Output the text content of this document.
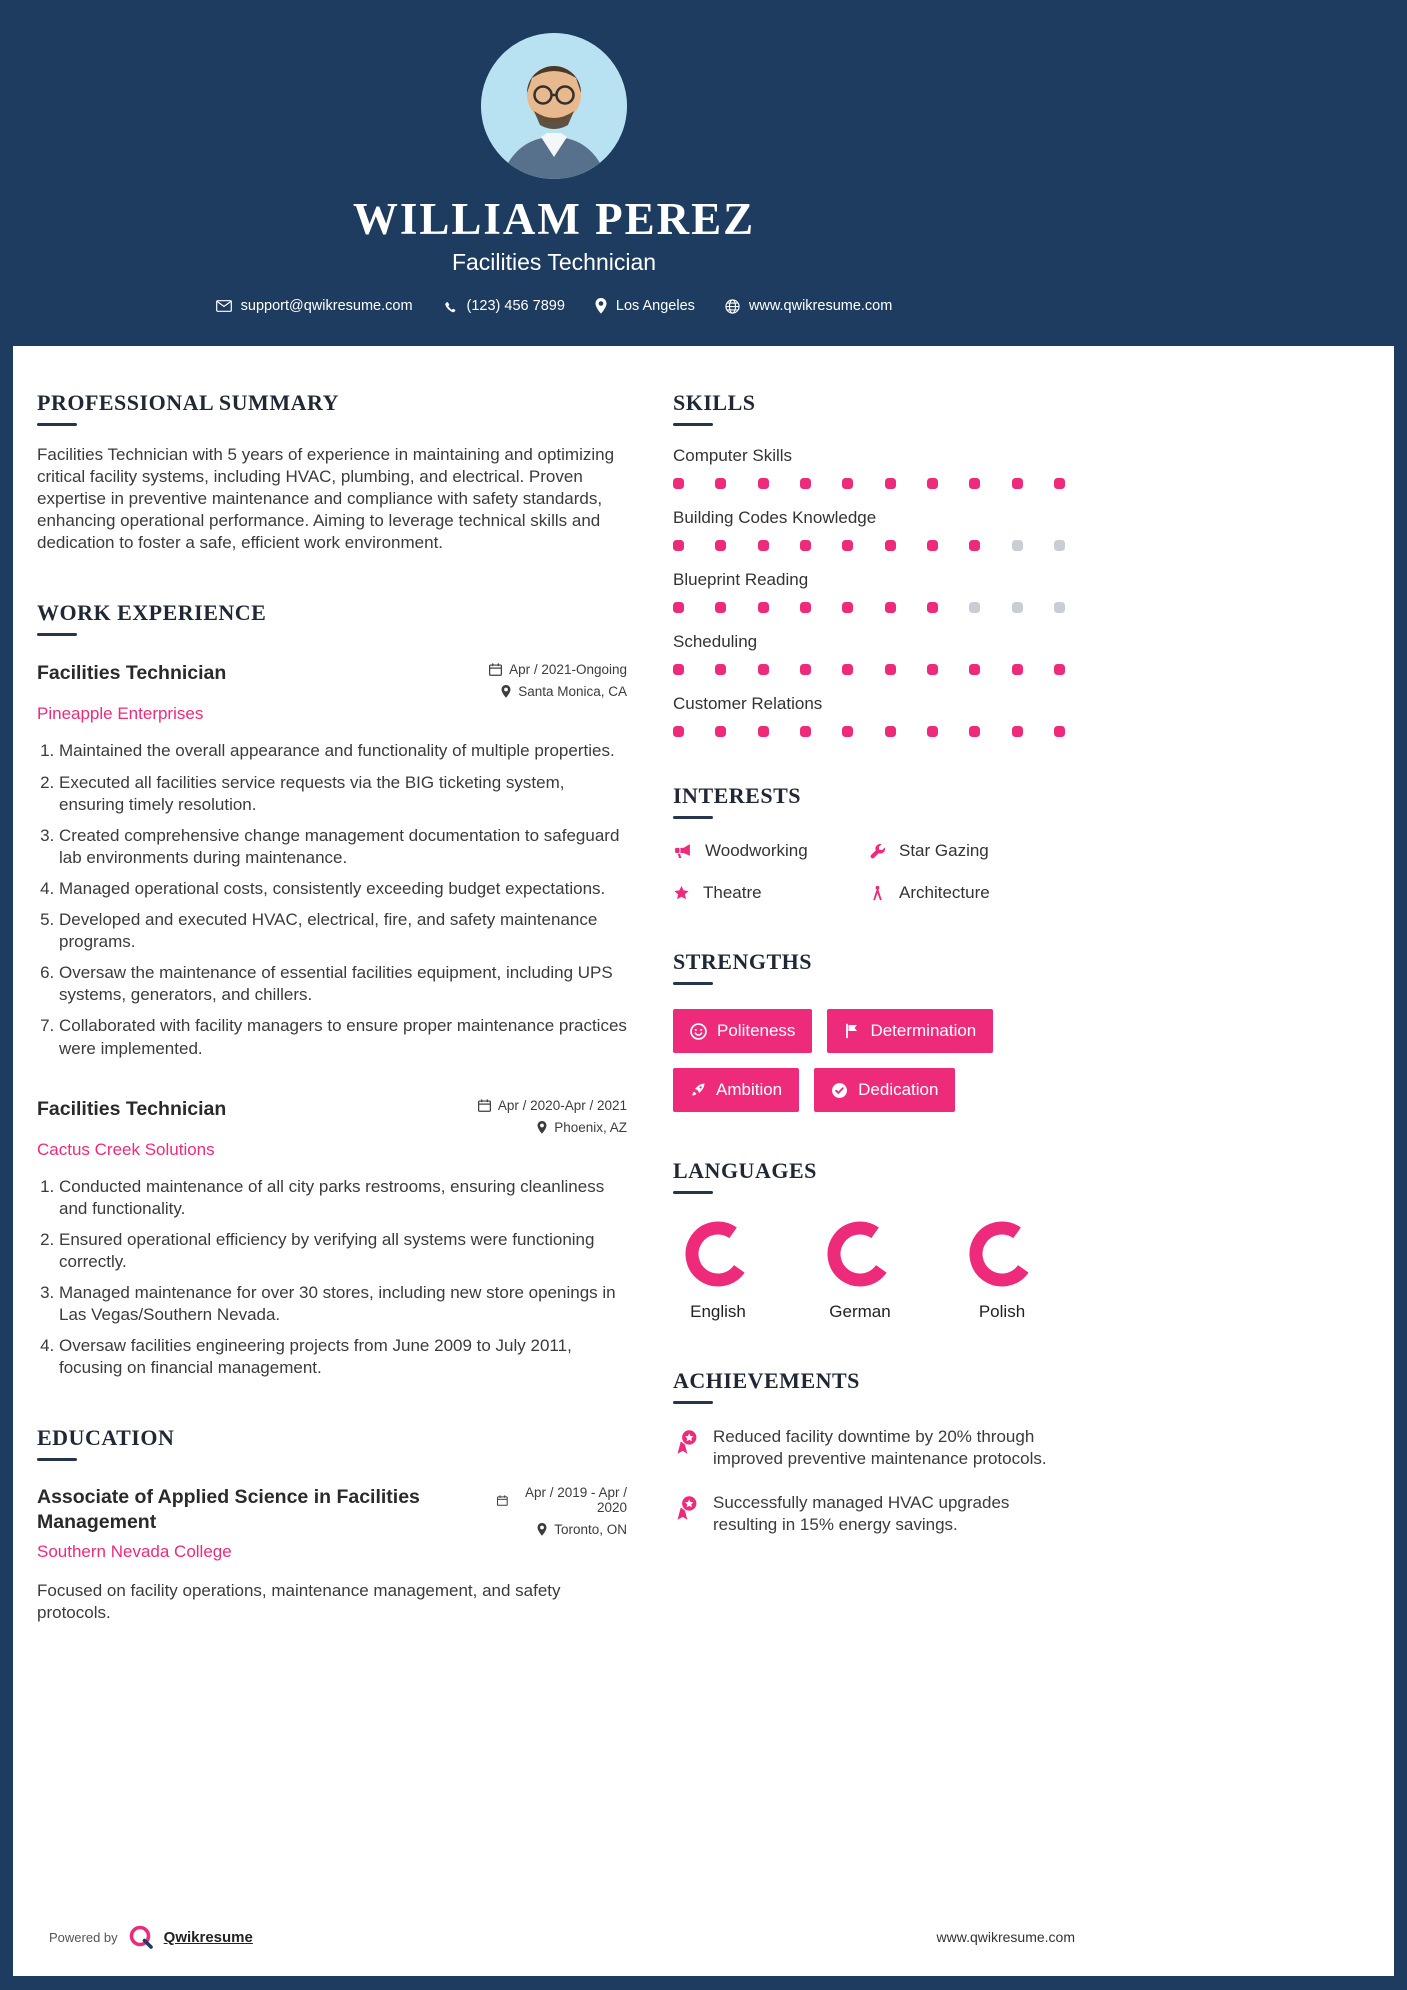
WILLIAM PEREZ
Facilities Technician
support@qwikresume.com	(123) 456 7899	Los Angeles	www.qwikresume.com
PROFESSIONAL SUMMARY

Facilities Technician with 5 years of experience in maintaining and optimizing critical facility systems, including HVAC, plumbing, and electrical. Proven expertise in preventive maintenance and compliance with safety standards, enhancing operational performance. Aiming to leverage technical skills and dedication to foster a safe, efficient work environment.

WORK EXPERIENCE
Facilities Technician	Apr / 2021-Ongoing
Santa Monica, CA
Pineapple Enterprises
1. Maintained the overall appearance and functionality of multiple properties.
2. Executed all facilities service requests via the BIG ticketing system, ensuring timely resolution.
3. Created comprehensive change management documentation to safeguard lab environments during maintenance.
4. Managed operational costs, consistently exceeding budget expectations.
5. Developed and executed HVAC, electrical, fire, and safety maintenance programs.
6. Oversaw the maintenance of essential facilities equipment, including UPS systems, generators, and chillers.
7. Collaborated with facility managers to ensure proper maintenance practices were implemented.
Facilities Technician	Apr / 2020-Apr / 2021
Phoenix, AZ
Cactus Creek Solutions
1. Conducted maintenance of all city parks restrooms, ensuring cleanliness and functionality.
2. Ensured operational efficiency by verifying all systems were functioning correctly.
3. Managed maintenance for over 30 stores, including new store openings in Las Vegas/Southern Nevada.
4. Oversaw facilities engineering projects from June 2009 to July 2011, focusing on financial management.
EDUCATION
Associate of Applied Science in Facilities Management
Apr / 2019 - Apr / 2020
Toronto, ON
Southern Nevada College

Focused on facility operations, maintenance management, and safety protocols.

SKILLS
Computer Skills
Building Codes Knowledge
Blueprint Reading
Scheduling
Customer Relations
INTERESTS
Woodworking	Star Gazing
Theatre	Architecture
STRENGTHS
Politeness	Determination
Ambition	Dedication
LANGUAGES
English	German	Polish
ACHIEVEMENTS
Reduced facility downtime by 20% through improved preventive maintenance protocols.
Successfully managed HVAC upgrades resulting in 15% energy savings.
Powered by	Qwikresume	www.qwikresume.com
